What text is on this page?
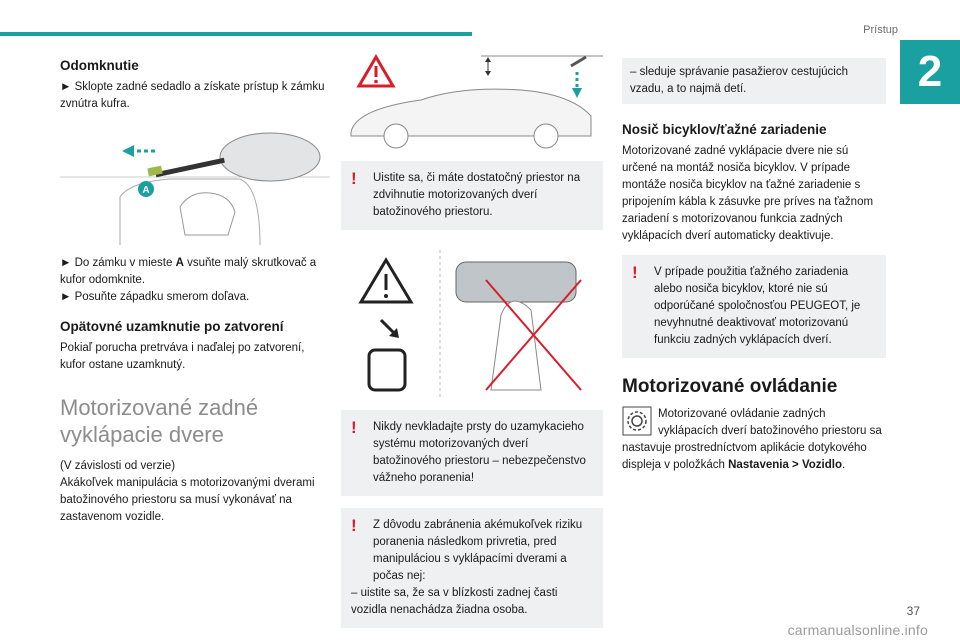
Prístup
2
Odomknutie

► Sklopte zadné sedadlo a získate prístup k zámku zvnútra kufra.

A

► Do zámku v mieste A vsuňte malý skrutkovač a kufor odomknite.

► Posuňte západku smerom doľava.

Opätovné uzamknutie po zatvorení

Pokiaľ porucha pretrváva i naďalej po zatvorení, kufor ostane uzamknutý.

Motorizované zadné vyklápacie dvere

(V závislosti od verzie)

Akákoľvek manipulácia s motorizovanými dverami batožinového priestoru sa musí vykonávať na zastavenom vozidle.

!	Uistite sa, či máte dostatočný priestor na zdvihnutie motorizovaných dverí batožinového priestoru.
!	Nikdy nevkladajte prsty do uzamykacieho systému motorizovaných dverí batožinového priestoru – nebezpečenstvo vážneho poranenia!
!	Z dôvodu zabránenia akémukoľvek riziku poranenia následkom privretia, pred manipuláciou s vyklápacími dverami a počas nej:
– uistite sa, že sa v blízkosti zadnej časti vozidla nenachádza žiadna osoba.
– sleduje správanie pasažierov cestujúcich vzadu, a to najmä detí.
Nosič bicyklov/ťažné zariadenie

Motorizované zadné vyklápacie dvere nie sú určené na montáž nosiča bicyklov. V prípade montáže nosiča bicyklov na ťažné zariadenie s pripojením kábla k zásuvke pre príves na ťažnom zariadení s motorizovanou funkcia zadných vyklápacích dverí automaticky deaktivuje.

!	V prípade použitia ťažného zariadenia alebo nosiča bicyklov, ktoré nie sú odporúčané spoločnosťou PEUGEOT, je nevyhnutné deaktivovať motorizovanú funkciu zadných vyklápacích dverí.
Motorizované ovládanie

Motorizované ovládanie zadných vyklápacích dverí batožinového priestoru sa nastavuje prostredníctvom aplikácie dotykového displeja v položkách Nastavenia > Vozidlo.

37
carmanualsonline.info
